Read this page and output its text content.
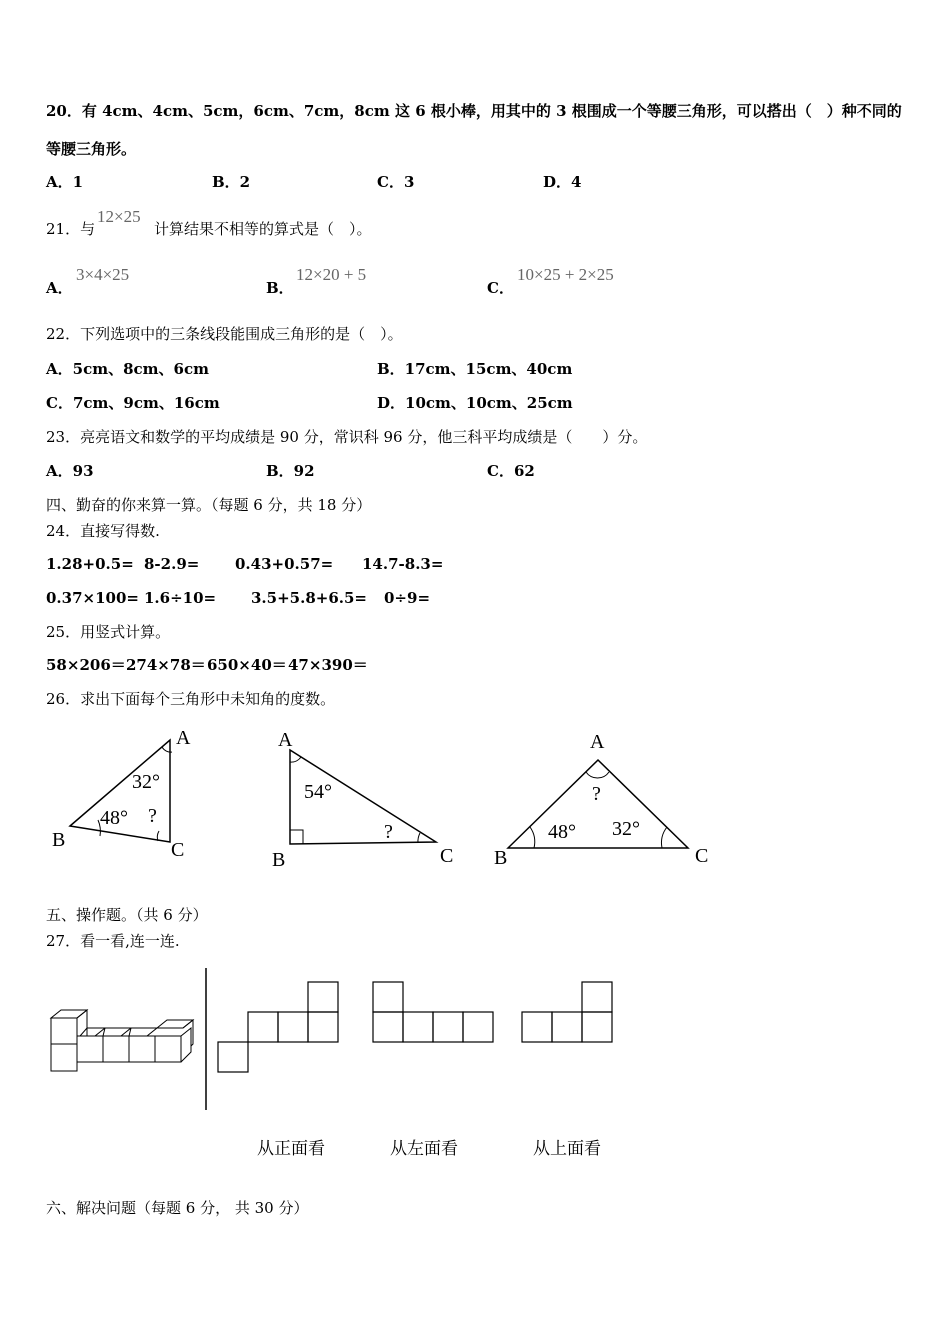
20．有 4cm、4cm、5cm，6cm、7cm，8cm 这 6 根小棒，用其中的 3 根围成一个等腰三角形，可以搭出（　）种不同的
等腰三角形。
A．1	B．2	C．3	D．4
21．与
12×25
计算结果不相等的算式是（　）。
A．
3×4×25
B．
12×20 + 5
C．
10×25 + 2×25
22．下列选项中的三条线段能围成三角形的是（　）。
A．5cm、8cm、6cm	B．17cm、15cm、40cm
C．7cm、9cm、16cm	D．10cm、10cm、25cm
23．亮亮语文和数学的平均成绩是 90 分，常识科 96 分，他三科平均成绩是（　　）分。
A．93	B．92	C．62
四、勤奋的你来算一算。（每题 6 分，共 18 分）
24．直接写得数.
1.28+0.5= 8-2.9= 0.43+0.57= 14.7-8.3=
0.37×100= 1.6÷10= 3.5+5.8+6.5= 0÷9=
25．用竖式计算。
58×206＝ 274×78＝ 650×40＝ 47×390＝
26．求出下面每个三角形中未知角的度数。
A
B	C
32°
48° ?
A
B	C
54°
?
A
B	C
48° 32°
?
五、操作题。（共 6 分）
27．看一看,连一连.
从正面看	从左面看	从上面看
六、解决问题（每题 6 分， 共 30 分）
